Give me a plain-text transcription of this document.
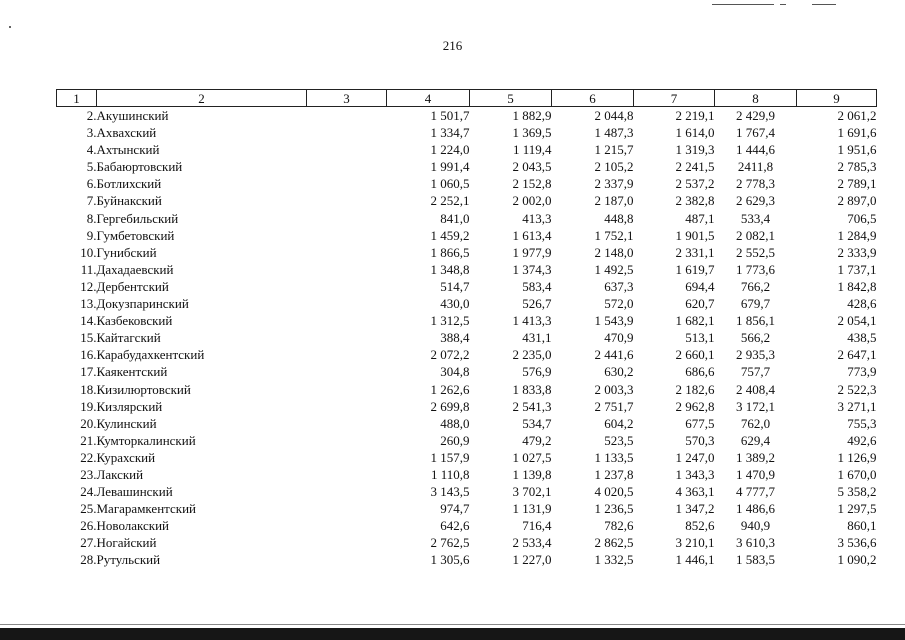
216
1	2	3	4	5	6	7	8	9
2.	Акушинский		1 501,7	1 882,9	2 044,8	2 219,1	2 429,9	2 061,2
3.	Ахвахский		1 334,7	1 369,5	1 487,3	1 614,0	1 767,4	1 691,6
4.	Ахтынский		1 224,0	1 119,4	1 215,7	1 319,3	1 444,6	1 951,6
5.	Бабаюртовский		1 991,4	2 043,5	2 105,2	2 241,5	2411,8	2 785,3
6.	Ботлихский		1 060,5	2 152,8	2 337,9	2 537,2	2 778,3	2 789,1
7.	Буйнакский		2 252,1	2 002,0	2 187,0	2 382,8	2 629,3	2 897,0
8.	Гергебильский		841,0	413,3	448,8	487,1	533,4	706,5
9.	Гумбетовский		1 459,2	1 613,4	1 752,1	1 901,5	2 082,1	1 284,9
10.	Гунибский		1 866,5	1 977,9	2 148,0	2 331,1	2 552,5	2 333,9
11.	Дахадаевский		1 348,8	1 374,3	1 492,5	1 619,7	1 773,6	1 737,1
12.	Дербентский		514,7	583,4	637,3	694,4	766,2	1 842,8
13.	Докузпаринский		430,0	526,7	572,0	620,7	679,7	428,6
14.	Казбековский		1 312,5	1 413,3	1 543,9	1 682,1	1 856,1	2 054,1
15.	Кайтагский		388,4	431,1	470,9	513,1	566,2	438,5
16.	Карабудахкентский		2 072,2	2 235,0	2 441,6	2 660,1	2 935,3	2 647,1
17.	Каякентский		304,8	576,9	630,2	686,6	757,7	773,9
18.	Кизилюртовский		1 262,6	1 833,8	2 003,3	2 182,6	2 408,4	2 522,3
19.	Кизлярский		2 699,8	2 541,3	2 751,7	2 962,8	3 172,1	3 271,1
20.	Кулинский		488,0	534,7	604,2	677,5	762,0	755,3
21.	Кумторкалинский		260,9	479,2	523,5	570,3	629,4	492,6
22.	Курахский		1 157,9	1 027,5	1 133,5	1 247,0	1 389,2	1 126,9
23.	Лакский		1 110,8	1 139,8	1 237,8	1 343,3	1 470,9	1 670,0
24.	Левашинский		3 143,5	3 702,1	4 020,5	4 363,1	4 777,7	5 358,2
25.	Магарамкентский		974,7	1 131,9	1 236,5	1 347,2	1 486,6	1 297,5
26.	Новолакский		642,6	716,4	782,6	852,6	940,9	860,1
27.	Ногайский		2 762,5	2 533,4	2 862,5	3 210,1	3 610,3	3 536,6
28.	Рутульский		1 305,6	1 227,0	1 332,5	1 446,1	1 583,5	1 090,2
